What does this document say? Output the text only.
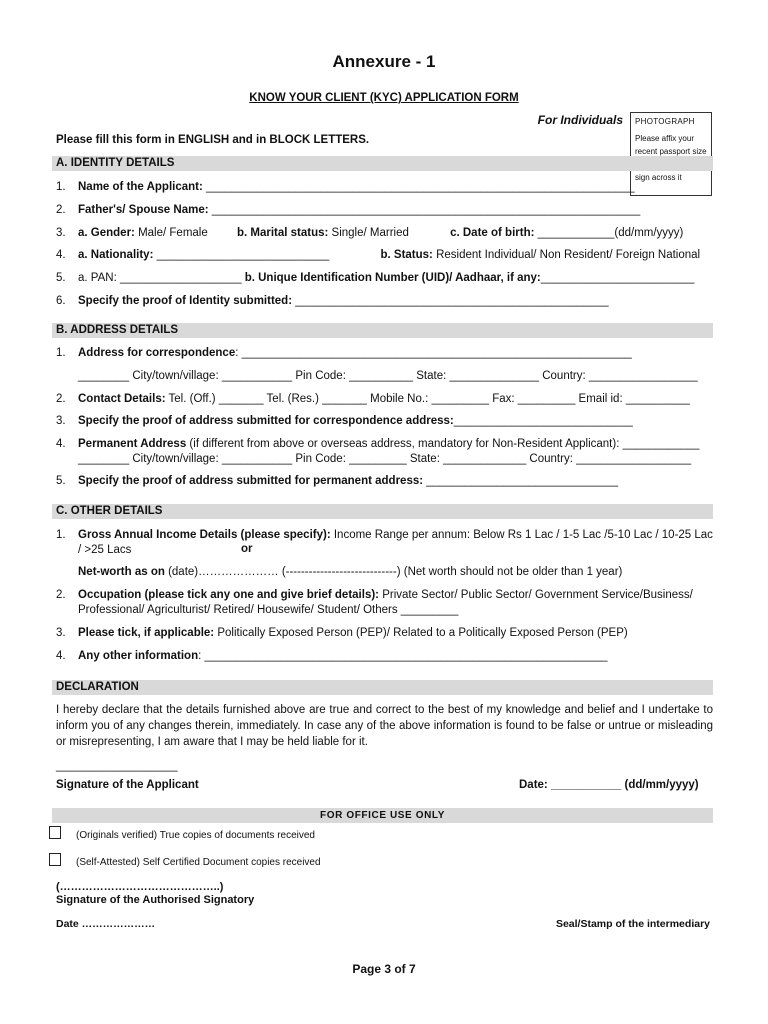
Annexure - 1
KNOW YOUR CLIENT (KYC) APPLICATION FORM
For Individuals PHOTOGRAPH
Please affix your recent passport size sign across it
Please fill this form in ENGLISH and in BLOCK LETTERS.
A. IDENTITY DETAILS
1. Name of the Applicant: ___________________________________________________________________
2. Father's/ Spouse Name: ___________________________________________________________________
3. a. Gender: Male/ Female	b. Marital status: Single/ Married	c. Date of birth: ____________(dd/mm/yyyy)
4. a. Nationality: ___________________________	b. Status: Resident Individual/ Non Resident/ Foreign National
5. a. PAN: ___________________ b. Unique Identification Number (UID)/ Aadhaar, if any:________________________
6. Specify the proof of Identity submitted: _________________________________________________
B. ADDRESS DETAILS
1. Address for correspondence: _____________________________________________________________
________ City/town/village: ___________ Pin Code: __________ State: ______________ Country: _________________
2. Contact Details: Tel. (Off.) _______ Tel. (Res.) _______ Mobile No.: _________ Fax: _________ Email id: __________
3. Specify the proof of address submitted for correspondence address:____________________________
4. Permanent Address (if different from above or overseas address, mandatory for Non-Resident Applicant): ____________
________ City/town/village: ___________ Pin Code: _________ State: _____________ Country: __________________
5. Specify the proof of address submitted for permanent address: ______________________________
C. OTHER DETAILS
1.	Gross Annual Income Details (please specify): Income Range per annum: Below Rs 1 Lac / 1-5 Lac /5-10 Lac / 10-25 Lac / >25 Lacs	or
Net-worth as on (date)………………… (-----------------------------) (Net worth should not be older than 1 year)
2.	Occupation (please tick any one and give brief details): Private Sector/ Public Sector/ Government Service/Business/ Professional/ Agriculturist/ Retired/ Housewife/ Student/ Others _________
3. Please tick, if applicable: Politically Exposed Person (PEP)/ Related to a Politically Exposed Person (PEP)
4. Any other information: _______________________________________________________________
DECLARATION
I hereby declare that the details furnished above are true and correct to the best of my knowledge and belief and I undertake to inform you of any changes therein, immediately. In case any of the above information is found to be false or untrue or misleading or misrepresenting, I am aware that I may be held liable for it.
___________________
Signature of the Applicant	Date: ___________ (dd/mm/yyyy)
FOR OFFICE USE ONLY
(Originals verified) True copies of documents received
(Self-Attested) Self Certified Document copies received
(……………………………………..)
Signature of the Authorised Signatory
Date …………………	Seal/Stamp of the intermediary
Page 3 of 7
